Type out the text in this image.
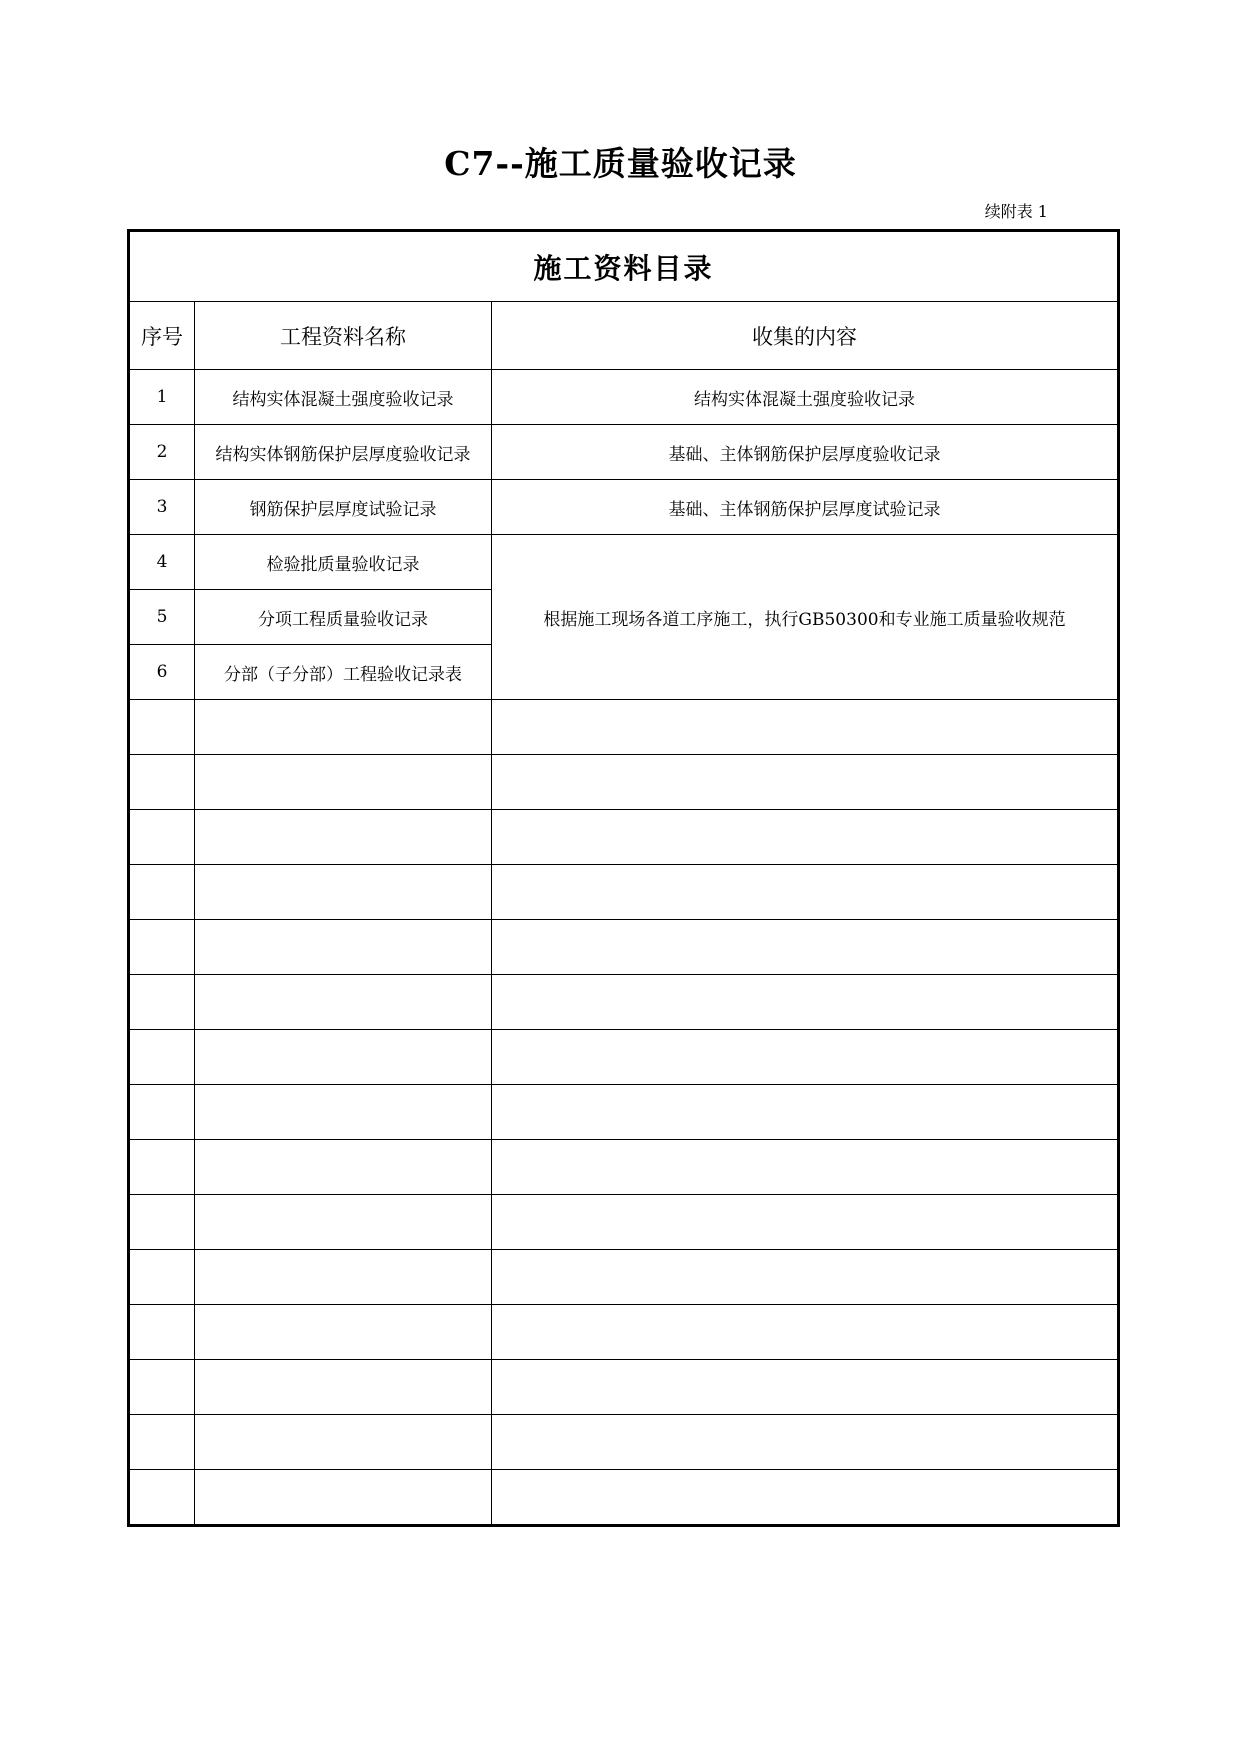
C7--施工质量验收记录
续附表 1
施工资料目录		
序号	工程资料名称	收集的内容
1	结构实体混凝土强度验收记录	结构实体混凝土强度验收记录
2	结构实体钢筋保护层厚度验收记录	基础、主体钢筋保护层厚度验收记录
3	钢筋保护层厚度试验记录	基础、主体钢筋保护层厚度试验记录
4	检验批质量验收记录	根据施工现场各道工序施工，执行GB50300和专业施工质量验收规范
5	分项工程质量验收记录	
6	分部（子分部）工程验收记录表	
